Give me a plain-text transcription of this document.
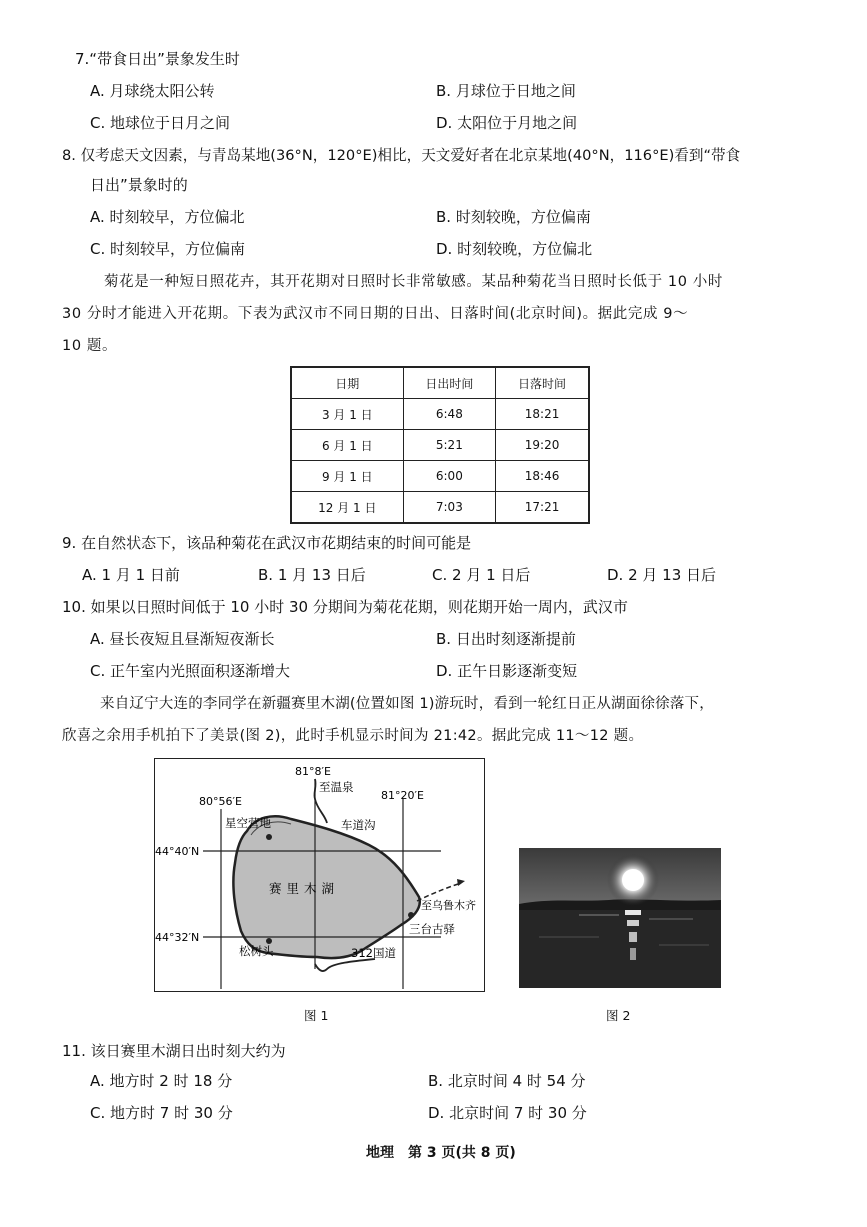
7.“带食日出”景象发生时
A. 月球绕太阳公转	B. 月球位于日地之间
C. 地球位于日月之间	D. 太阳位于月地之间
8. 仅考虑天文因素，与青岛某地(36°N，120°E)相比，天文爱好者在北京某地(40°N，116°E)看到“带食
日出”景象时的
A. 时刻较早，方位偏北	B. 时刻较晚，方位偏南
C. 时刻较早，方位偏南	D. 时刻较晚，方位偏北
菊花是一种短日照花卉，其开花期对日照时长非常敏感。某品种菊花当日照时长低于 10 小时
30 分时才能进入开花期。下表为武汉市不同日期的日出、日落时间(北京时间)。据此完成 9～
10 题。
日期	日出时间	日落时间
3 月 1 日	6:48	18:21
6 月 1 日	5:21	19:20
9 月 1 日	6:00	18:46
12 月 1 日	7:03	17:21
9. 在自然状态下，该品种菊花在武汉市花期结束的时间可能是
A. 1 月 1 日前	B. 1 月 13 日后	C. 2 月 1 日后	D. 2 月 13 日后
10. 如果以日照时间低于 10 小时 30 分期间为菊花花期，则花期开始一周内，武汉市
A. 昼长夜短且昼渐短夜渐长	B. 日出时刻逐渐提前
C. 正午室内光照面积逐渐增大	D. 正午日影逐渐变短
来自辽宁大连的李同学在新疆赛里木湖(位置如图 1)游玩时，看到一轮红日正从湖面徐徐落下，
欣喜之余用手机拍下了美景(图 2)，此时手机显示时间为 21:42。据此完成 11～12 题。
81°8′E
至温泉
80°56′E	81°20′E
星空营地	车道沟
44°40′N
赛里木湖
至乌鲁木齐
三台古驿
44°32′N
松树头	312国道
图 1	图 2
11. 该日赛里木湖日出时刻大约为
A. 地方时 2 时 18 分	B. 北京时间 4 时 54 分
C. 地方时 7 时 30 分	D. 北京时间 7 时 30 分
地理　第 3 页(共 8 页)
